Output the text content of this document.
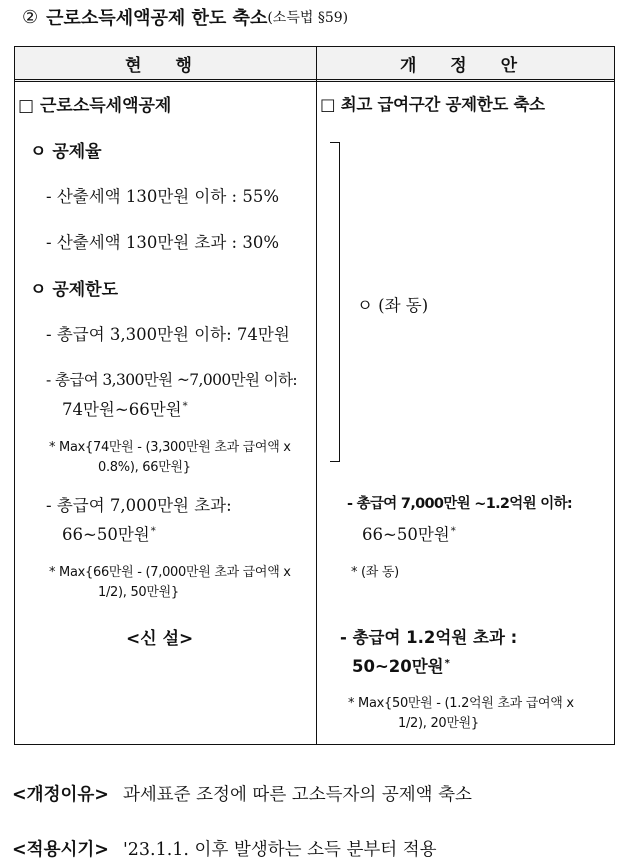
② 근로소득세액공제 한도 축소 (소득법 §59)
현 행	개 정 안
□ 근로소득세액공제
ㅇ 공제율
- 산출세액 130만원 이하 : 55%
- 산출세액 130만원 초과 : 30%
ㅇ 공제한도
- 총급여 3,300만원 이하: 74만원
- 총급여 3,300만원 ~7,000만원 이하:
74만원~66만원*
* Max{74만원 - (3,300만원 초과 급여액 x
0.8%), 66만원}
- 총급여 7,000만원 초과:
66~50만원*
* Max{66만원 - (7,000만원 초과 급여액 x
1/2), 50만원}
<신 설>
□ 최고 급여구간 공제한도 축소
ㅇ (좌 동)
- 총급여 7,000만원 ~1.2억원 이하:
66~50만원*
* (좌 동)
- 총급여 1.2억원 초과 :
50~20만원*
* Max{50만원 - (1.2억원 초과 급여액 x
1/2), 20만원}
<개정이유> 과세표준 조정에 따른 고소득자의 공제액 축소
<적용시기> '23.1.1. 이후 발생하는 소득 분부터 적용
